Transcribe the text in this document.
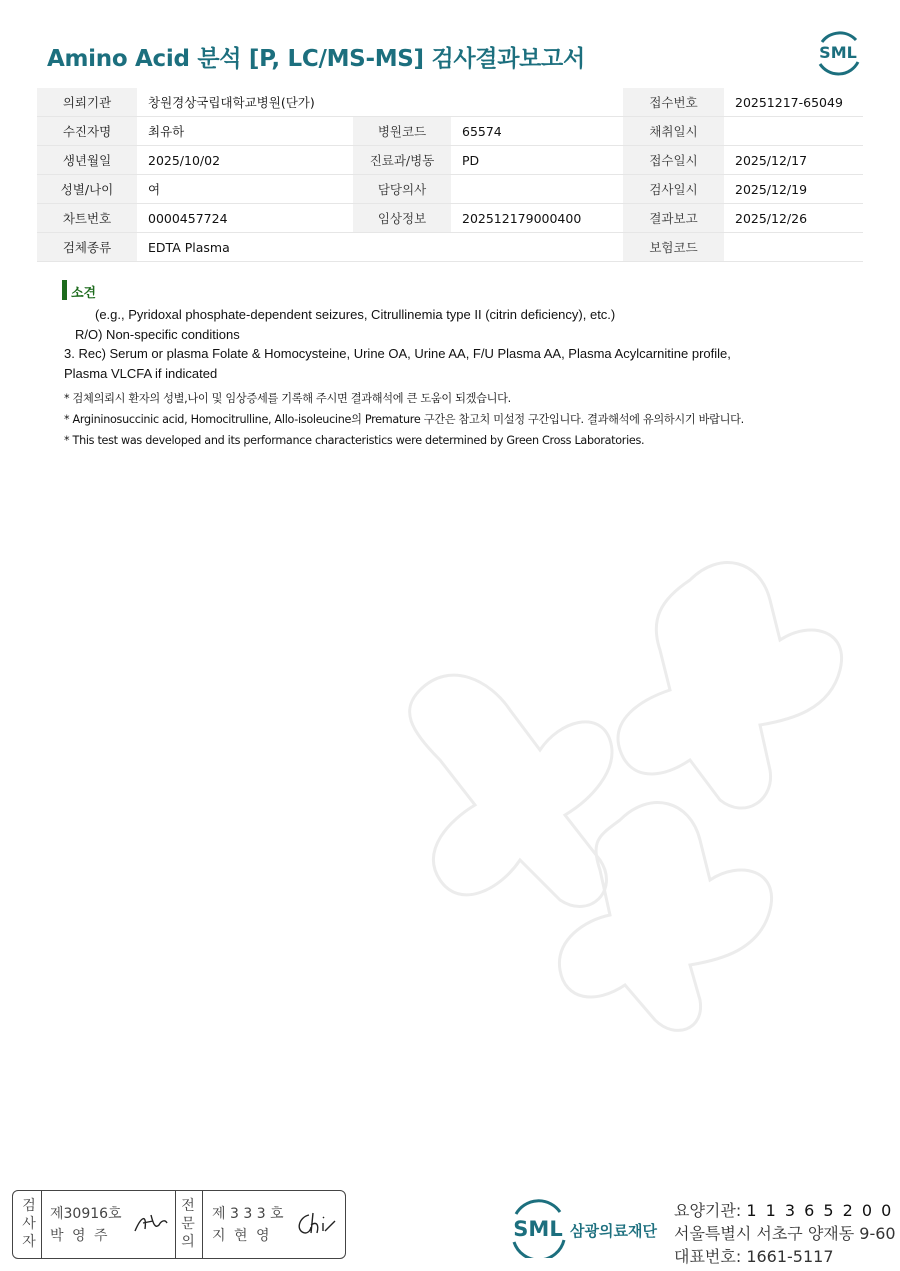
Amino Acid 분석 [P, LC/MS-MS] 검사결과보고서	SML
의뢰기관	창원경상국립대학교병원(단가)			접수번호	20251217-65049
수진자명	최유하	병원코드	65574	채취일시	
생년월일	2025/10/02	진료과/병동	PD	접수일시	2025/12/17
성별/나이	여	담당의사		검사일시	2025/12/19
차트번호	0000457724	임상정보	202512179000400	결과보고	2025/12/26
검체종류	EDTA Plasma			보험코드	
소견
(e.g., Pyridoxal phosphate-dependent seizures, Citrullinemia type II (citrin deficiency), etc.)
R/O) Non-specific conditions
3. Rec) Serum or plasma Folate & Homocysteine, Urine OA, Urine AA, F/U Plasma AA, Plasma Acylcarnitine profile,
Plasma VLCFA if indicated
* 검체의뢰시 환자의 성별,나이 및 임상증세를 기록해 주시면 결과해석에 큰 도움이 되겠습니다.
* Argininosuccinic acid, Homocitrulline, Allo-isoleucine의 Premature 구간은 참고치 미설정 구간입니다. 결과해석에 유의하시기 바랍니다.
* This test was developed and its performance characteristics were determined by Green Cross Laboratories.
검
사
자
제30916호
박 영 주
전
문
의
제 3 3 3 호
지 현 영	SML 삼광의료재단
요양기관: 1 1 3 6 5 2 0 0
서울특별시 서초구 양재동 9-60
대표번호: 1661-5117
